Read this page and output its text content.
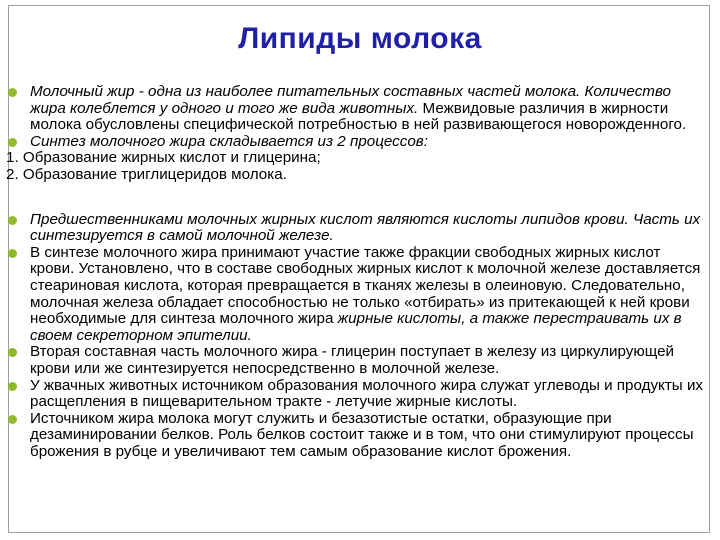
Липиды молока

Молочный жир - одна из наиболее питательных составных частей молока. Количество жира колеблется у одного и того же вида животных. Межвидовые различия в жирности молока обусловлены специфической потребностью в ней развивающегося новорожденного.

Синтез молочного жира складывается из 2 процессов:

1. Образование жирных кислот и глицерина;

2. Образование триглицеридов молока.

Предшественниками молочных жирных кислот являются кислоты липидов крови. Часть их синтезируется в самой молочной железе.

В синтезе молочного жира принимают участие также фракции свободных жирных кислот крови. Установлено, что в составе свободных жирных кислот к молочной железе доставляется стеариновая кислота, которая превращается в тканях железы в олеиновую. Следовательно, молочная железа обладает способностью не только «отбирать» из притекающей к ней крови необходимые для синтеза молочного жира жирные кислоты, а также перестраивать их в своем секреторном эпителии.

Вторая составная часть молочного жира - глицерин поступает в железу из циркулирующей крови или же синтезируется непосредственно в молочной железе.

У жвачных животных источником образования молочного жира служат углеводы и продукты их расщепления в пищеварительном тракте - летучие жирные кислоты.

Источником жира молока могут служить и безазотистые остатки, образующие при дезаминировании белков. Роль белков состоит также и в том, что они стимулируют процессы брожения в рубце и увеличивают тем самым образование кислот брожения.
